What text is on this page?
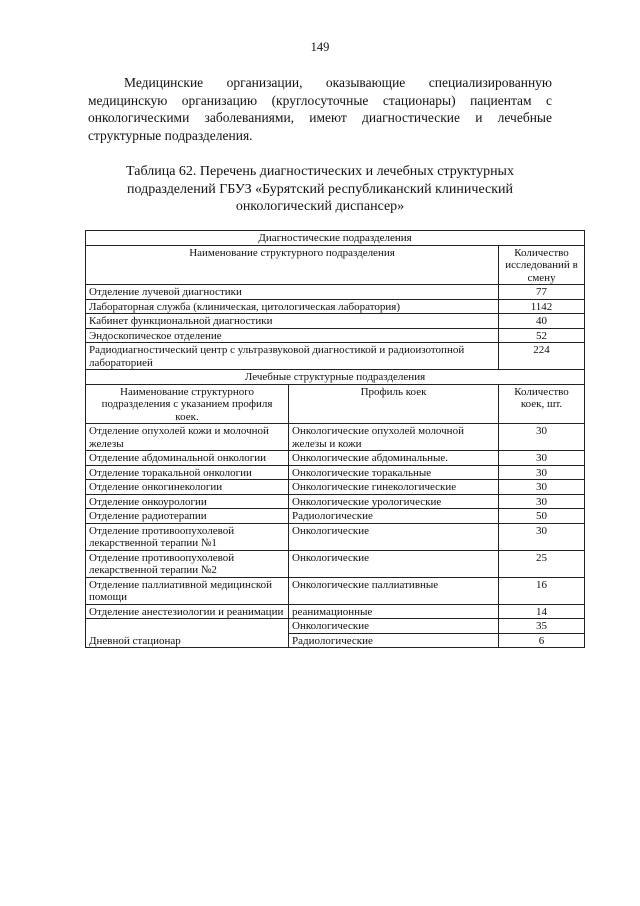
149

Медицинские организации, оказывающие специализированную медицинскую организацию (круглосуточные стационары) пациентам с онкологическими заболеваниями, имеют диагностические и лечебные структурные подразделения.

Таблица 62. Перечень диагностических и лечебных структурных
подразделений ГБУЗ «Бурятский республиканский клинический
онкологический диспансер»
Диагностические подразделения		
Наименование структурного подразделения		Количество исследований в смену
Отделение лучевой диагностики		77
Лабораторная служба (клиническая, цитологическая лаборатория)		1142
Кабинет функциональной диагностики		40
Эндоскопическое отделение		52
Радиодиагностический центр с ультразвуковой диагностикой и радиоизотопной лабораторией		224
Лечебные структурные подразделения		
Наименование структурного подразделения с указанием профиля коек.	Профиль коек	Количество коек, шт.
Отделение опухолей кожи и молочной железы	Онкологические опухолей молочной железы и кожи	30
Отделение абдоминальной онкологии	Онкологические абдоминальные.	30
Отделение торакальной онкологии	Онкологические торакальные	30
Отделение онкогинекологии	Онкологические гинекологические	30
Отделение онкоурологии	Онкологические урологические	30
Отделение радиотерапии	Радиологические	50
Отделение противоопухолевой лекарственной терапии №1	Онкологические	30
Отделение противоопухолевой лекарственной терапии №2	Онкологические	25
Отделение паллиативной медицинской помощи	Онкологические паллиативные	16
Отделение анестезиологии и реанимации	реанимационные	14
Дневной стационар	Онкологические	35
	Радиологические	6
